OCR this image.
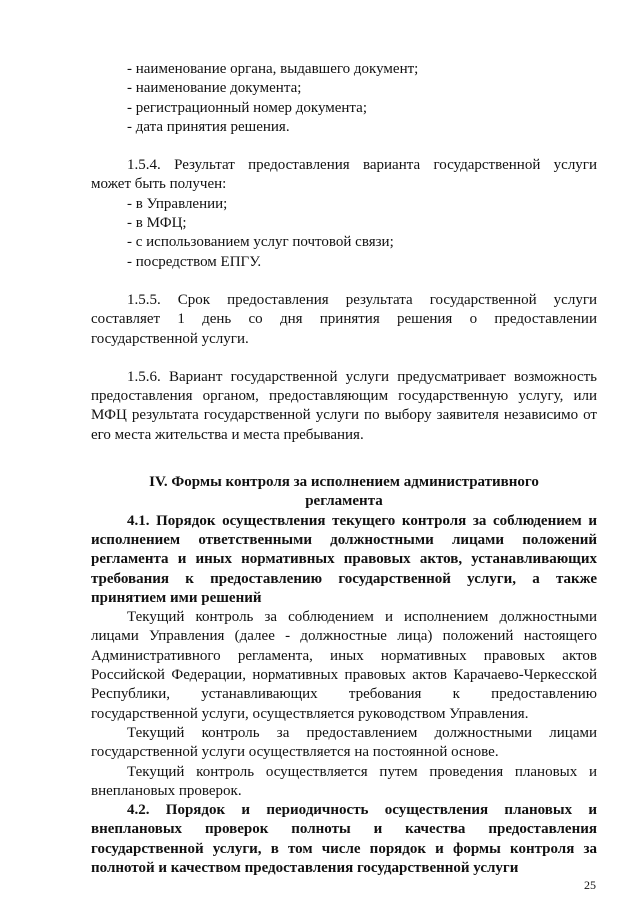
- наименование органа, выдавшего документ;
- наименование документа;
- регистрационный номер документа;
- дата принятия решения.
1.5.4. Результат предоставления варианта государственной услуги
может быть получен:
- в Управлении;
- в МФЦ;
- с использованием услуг почтовой связи;
- посредством ЕПГУ.
1.5.5. Срок предоставления результата государственной услуги
составляет 1 день со дня принятия решения о предоставлении
государственной услуги.
1.5.6. Вариант государственной услуги предусматривает возможность
предоставления органом, предоставляющим государственную услугу, или
МФЦ результата государственной услуги по выбору заявителя независимо от
его места жительства и места пребывания.
IV. Формы контроля за исполнением административного
регламента
4.1. Порядок осуществления текущего контроля за соблюдением и
исполнением ответственными должностными лицами положений
регламента и иных нормативных правовых актов, устанавливающих
требования к предоставлению государственной услуги, а также
принятием ими решений
Текущий контроль за соблюдением и исполнением должностными
лицами Управления (далее - должностные лица) положений настоящего
Административного регламента, иных нормативных правовых актов
Российской Федерации, нормативных правовых актов Карачаево-Черкесской
Республики, устанавливающих требования к предоставлению
государственной услуги, осуществляется руководством Управления.
Текущий контроль за предоставлением должностными лицами
государственной услуги осуществляется на постоянной основе.
Текущий контроль осуществляется путем проведения плановых и
внеплановых проверок.
4.2. Порядок и периодичность осуществления плановых и
внеплановых проверок полноты и качества предоставления
государственной услуги, в том числе порядок и формы контроля за
полнотой и качеством предоставления государственной услуги
25
